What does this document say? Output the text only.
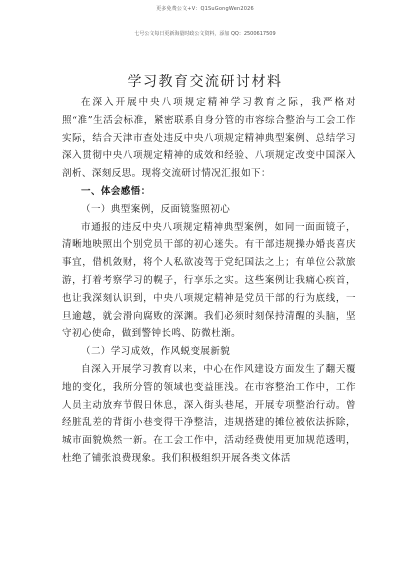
更多免费公文+V：Q1SuGongWen2026
七号公文每日更新海量时政公文资料，添加 QQ：2500617509
学习教育交流研讨材料

在深入开展中央八项规定精神学习教育之际，我严格对照“准”生活会标准，紧密联系自身分管的市容综合整治与工会工作实际，结合天津市查处违反中央八项规定精神典型案例、总结学习深入贯彻中央八项规定精神的成效和经验、八项规定改变中国深入剖析、深刻反思。现将交流研讨情况汇报如下：

一、体会感悟：

（一）典型案例，反面镜鉴照初心

市通报的违反中央八项规定精神典型案例，如同一面面镜子，清晰地映照出个别党员干部的初心迷失。有干部违规操办婚丧喜庆事宜，借机敛财，将个人私欲凌驾于党纪国法之上；有单位公款旅游，打着考察学习的幌子，行享乐之实。这些案例让我痛心疾首，也让我深刻认识到，中央八项规定精神是党员干部的行为底线，一旦逾越，就会滑向腐败的深渊。我们必须时刻保持清醒的头脑，坚守初心使命，做到警钟长鸣、防微杜渐。

（二）学习成效，作风蜕变展新貌

自深入开展学习教育以来，中心在作风建设方面发生了翻天覆地的变化，我所分管的领域也变益匪浅。在市容整治工作中，工作人员主动放弃节假日休息，深入街头巷尾，开展专项整治行动。曾经脏乱差的背街小巷变得干净整洁，违规搭建的摊位被依法拆除，城市面貌焕然一新。在工会工作中，活动经费使用更加规范透明，杜绝了铺张浪费现象。我们积极组织开展各类文体活
